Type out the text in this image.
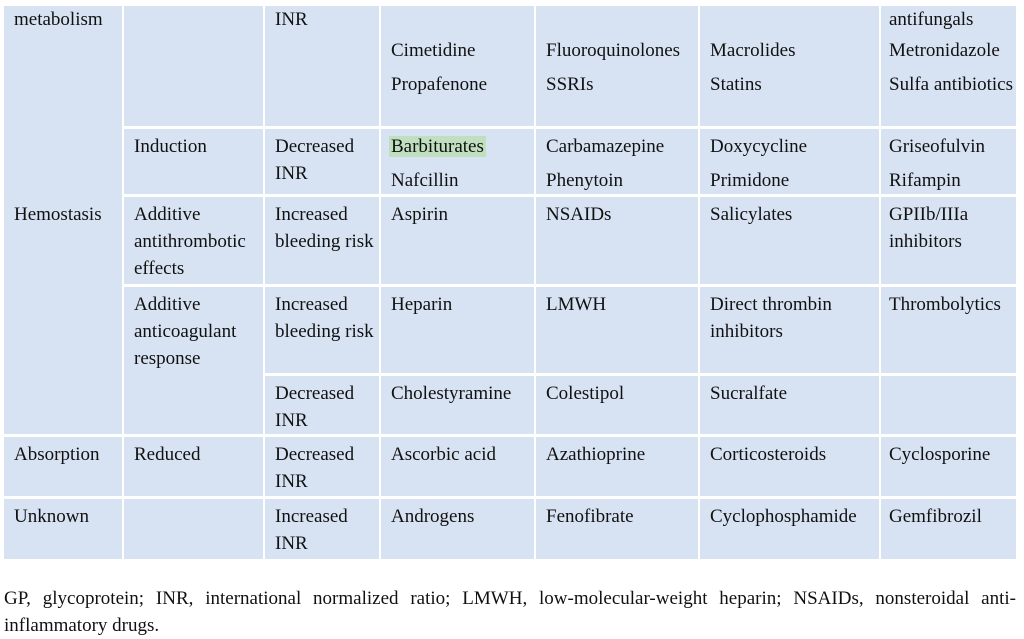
metabolism		INR				antifungals
			Cimetidine	Fluoroquinolones	Macrolides	Metronidazole
			Propafenone	SSRIs	Statins	Sulfa antibiotics
	Induction	Decreased INR	Barbiturates	Carbamazepine	Doxycycline	Griseofulvin
			Nafcillin	Phenytoin	Primidone	Rifampin
Hemostasis	Additive antithrombotic effects	Increased bleeding risk	Aspirin	NSAIDs	Salicylates	GPIIb/IIIa inhibitors
	Additive anticoagulant response	Increased bleeding risk	Heparin	LMWH	Direct thrombin inhibitors	Thrombolytics
		Decreased INR	Cholestyramine	Colestipol	Sucralfate	
Absorption	Reduced	Decreased INR	Ascorbic acid	Azathioprine	Corticosteroids	Cyclosporine
Unknown		Increased INR	Androgens	Fenofibrate	Cyclophosphamide	Gemfibrozil

GP, glycoprotein; INR, international normalized ratio; LMWH, low-molecular-weight heparin; NSAIDs, nonsteroidal anti-inflammatory drugs.
